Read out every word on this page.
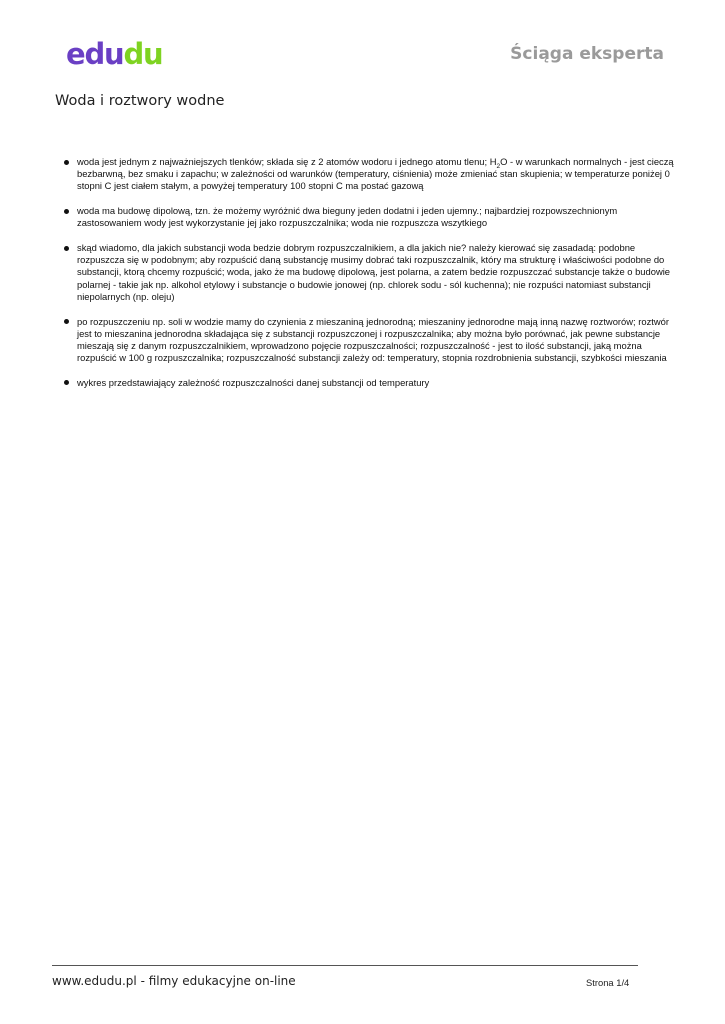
edudu	Ściąga eksperta
Woda i roztwory wodne
woda jest jednym z najważniejszych tlenków; składa się z 2 atomów wodoru i jednego atomu tlenu; $H_2O$ - w warunkach normalnych - jest cieczą bezbarwną, bez smaku i zapachu; w zależności od warunków (temperatury, ciśnienia) może zmieniać stan skupienia; w temperaturze poniżej 0 stopni C jest ciałem stałym, a powyżej temperatury 100 stopni C ma postać gazową
woda ma budowę dipolową, tzn. że możemy wyróżnić dwa bieguny jeden dodatni i jeden ujemny.; najbardziej rozpowszechnionym zastosowaniem wody jest wykorzystanie jej jako rozpuszczalnika; woda nie rozpuszcza wszytkiego
skąd wiadomo, dla jakich substancji woda bedzie dobrym rozpuszczalnikiem, a dla jakich nie? należy kierować się zasadadą: podobne rozpuszcza się w podobnym; aby rozpuścić daną substancję musimy dobrać taki rozpuszczalnik, który ma strukturę i właściwości podobne do substancji, ktorą chcemy rozpuścić; woda, jako że ma budowę dipolową, jest polarna, a zatem bedzie rozpuszczać substancje także o budowie polarnej - takie jak np. alkohol etylowy i substancje o budowie jonowej (np. chlorek sodu - sól kuchenna); nie rozpuści natomiast substancji niepolarnych (np. oleju)
po rozpuszczeniu np. soli w wodzie mamy do czynienia z mieszaniną jednorodną; mieszaniny jednorodne mają inną nazwę roztworów; roztwór jest to mieszanina jednorodna składająca się z substancji rozpuszczonej i rozpuszczalnika; aby można było porównać, jak pewne substancje mieszają się z danym rozpuszczalnikiem, wprowadzono pojęcie rozpuszczalności; rozpuszczalność - jest to ilość substancji, jaką można rozpuścić w 100 g rozpuszczalnika; rozpuszczalność substancji zależy od: temperatury, stopnia rozdrobnienia substancji, szybkości mieszania
wykres przedstawiający zależność rozpuszczalności danej substancji od temperatury
www.edudu.pl - filmy edukacyjne on-line	Strona 1/4
